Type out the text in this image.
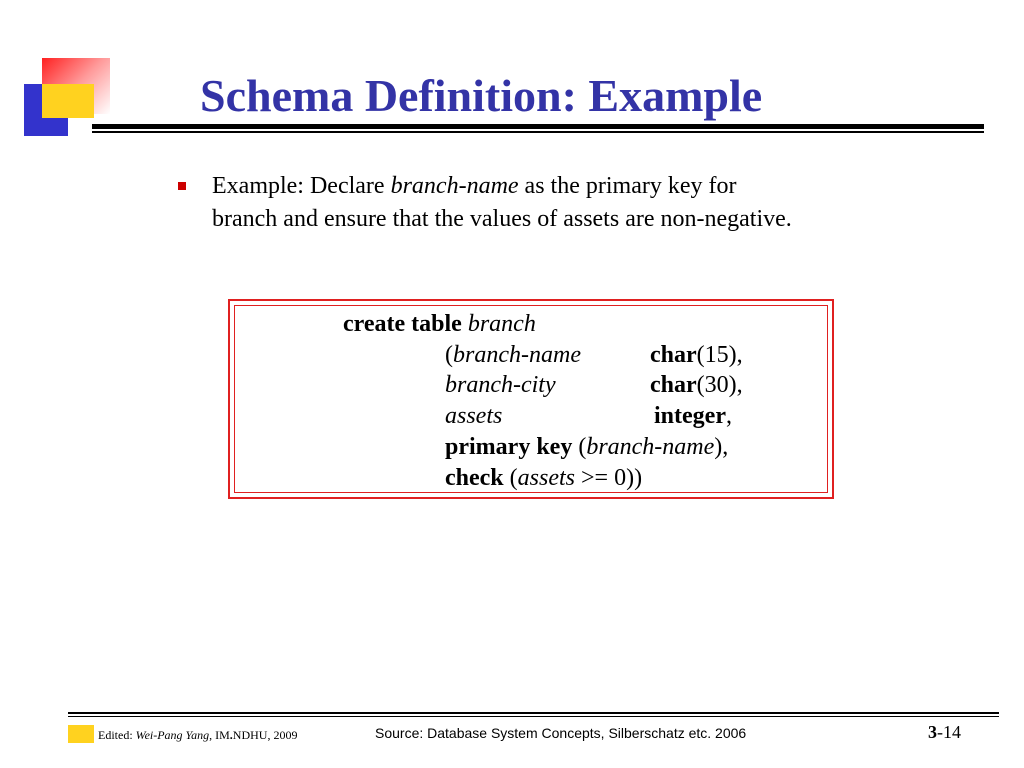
Schema Definition: Example
Example: Declare branch-name as the primary key for
branch and ensure that the values of assets are non-negative.
create table branch
(branch-name	char(15),
branch-city	char(30),
assets	integer,
primary key (branch-name),
check (assets >= 0))
Edited: Wei-Pang Yang, IM.NDHU, 2009	Source: Database System Concepts, Silberschatz etc. 2006	3-14
